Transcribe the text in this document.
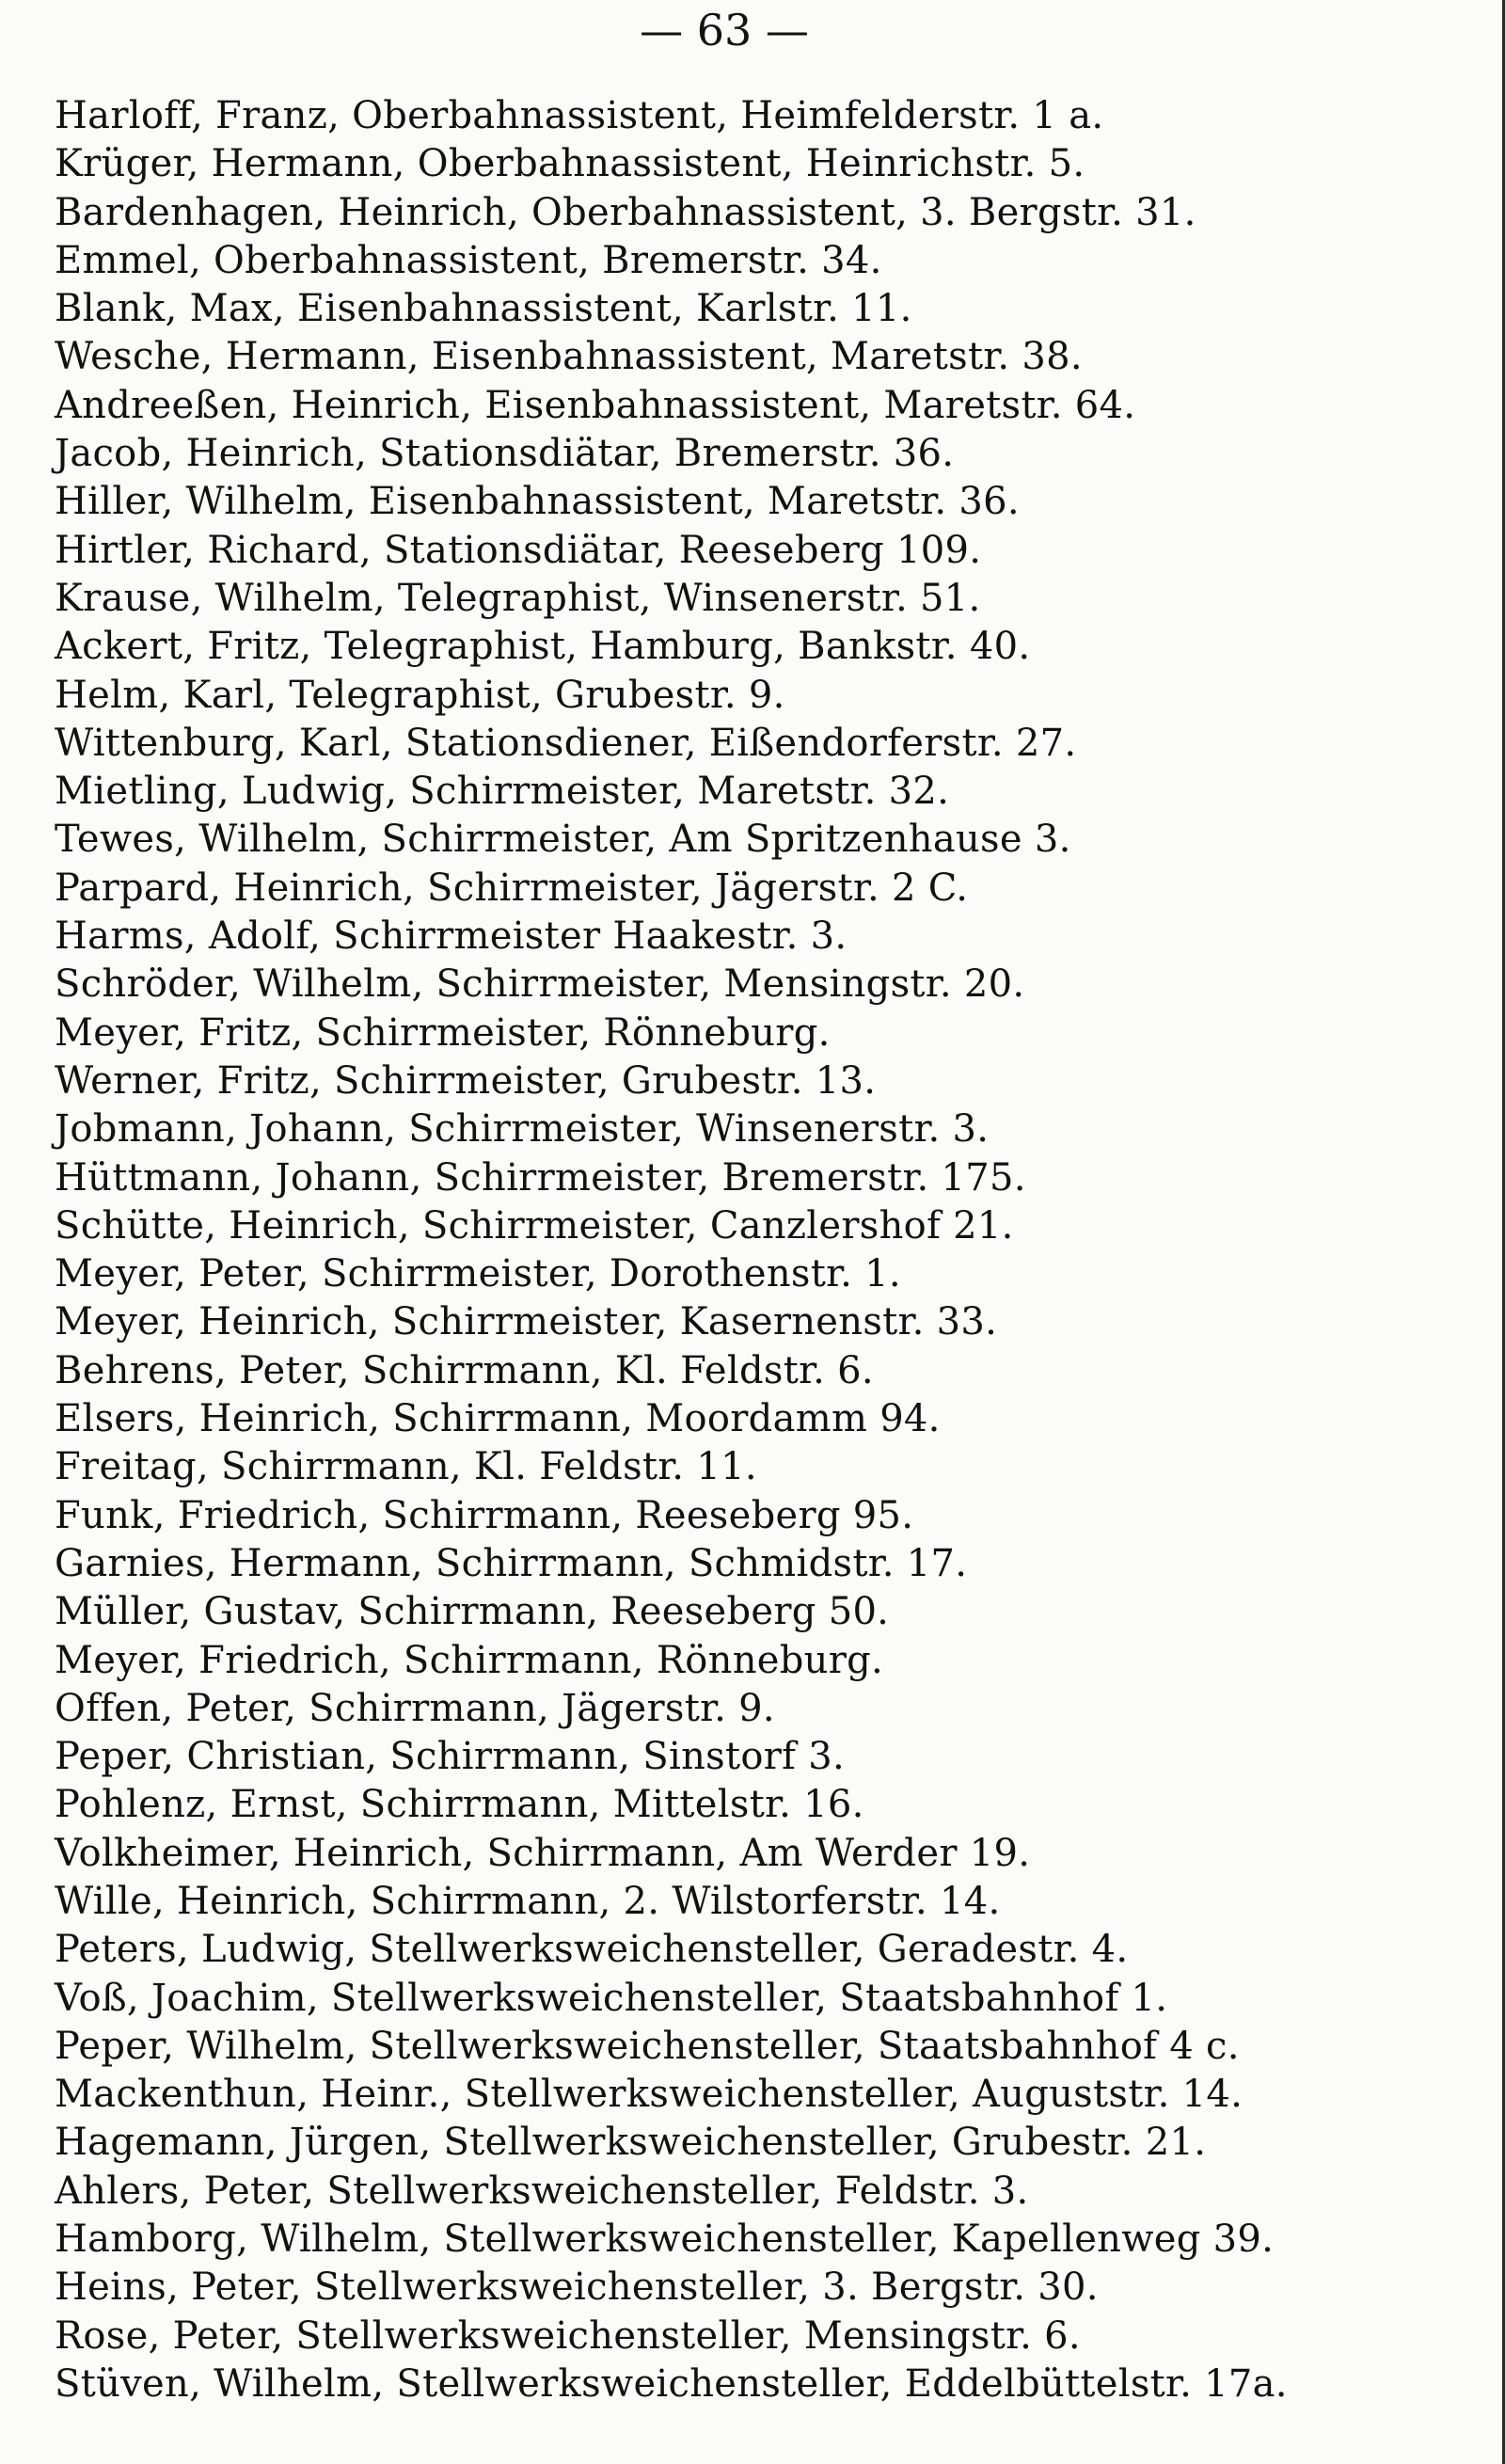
— 63 —
Harloff, Franz, Oberbahnassistent, Heimfelderstr. 1 a.
Krüger, Hermann, Oberbahnassistent, Heinrichstr. 5.
Bardenhagen, Heinrich, Oberbahnassistent, 3. Bergstr. 31.
Emmel, Oberbahnassistent, Bremerstr. 34.
Blank, Max, Eisenbahnassistent, Karlstr. 11.
Wesche, Hermann, Eisenbahnassistent, Maretstr. 38.
Andreeßen, Heinrich, Eisenbahnassistent, Maretstr. 64.
Jacob, Heinrich, Stationsdiätar, Bremerstr. 36.
Hiller, Wilhelm, Eisenbahnassistent, Maretstr. 36.
Hirtler, Richard, Stationsdiätar, Reeseberg 109.
Krause, Wilhelm, Telegraphist, Winsenerstr. 51.
Ackert, Fritz, Telegraphist, Hamburg, Bankstr. 40.
Helm, Karl, Telegraphist, Grubestr. 9.
Wittenburg, Karl, Stationsdiener, Eißendorferstr. 27.
Mietling, Ludwig, Schirrmeister, Maretstr. 32.
Tewes, Wilhelm, Schirrmeister, Am Spritzenhause 3.
Parpard, Heinrich, Schirrmeister, Jägerstr. 2 C.
Harms, Adolf, Schirrmeister Haakestr. 3.
Schröder, Wilhelm, Schirrmeister, Mensingstr. 20.
Meyer, Fritz, Schirrmeister, Rönneburg.
Werner, Fritz, Schirrmeister, Grubestr. 13.
Jobmann, Johann, Schirrmeister, Winsenerstr. 3.
Hüttmann, Johann, Schirrmeister, Bremerstr. 175.
Schütte, Heinrich, Schirrmeister, Canzlershof 21.
Meyer, Peter, Schirrmeister, Dorothenstr. 1.
Meyer, Heinrich, Schirrmeister, Kasernenstr. 33.
Behrens, Peter, Schirrmann, Kl. Feldstr. 6.
Elsers, Heinrich, Schirrmann, Moordamm 94.
Freitag, Schirrmann, Kl. Feldstr. 11.
Funk, Friedrich, Schirrmann, Reeseberg 95.
Garnies, Hermann, Schirrmann, Schmidstr. 17.
Müller, Gustav, Schirrmann, Reeseberg 50.
Meyer, Friedrich, Schirrmann, Rönneburg.
Offen, Peter, Schirrmann, Jägerstr. 9.
Peper, Christian, Schirrmann, Sinstorf 3.
Pohlenz, Ernst, Schirrmann, Mittelstr. 16.
Volkheimer, Heinrich, Schirrmann, Am Werder 19.
Wille, Heinrich, Schirrmann, 2. Wilstorferstr. 14.
Peters, Ludwig, Stellwerksweichensteller, Geradestr. 4.
Voß, Joachim, Stellwerksweichensteller, Staatsbahnhof 1.
Peper, Wilhelm, Stellwerksweichensteller, Staatsbahnhof 4 c.
Mackenthun, Heinr., Stellwerksweichensteller, Auguststr. 14.
Hagemann, Jürgen, Stellwerksweichensteller, Grubestr. 21.
Ahlers, Peter, Stellwerksweichensteller, Feldstr. 3.
Hamborg, Wilhelm, Stellwerksweichensteller, Kapellenweg 39.
Heins, Peter, Stellwerksweichensteller, 3. Bergstr. 30.
Rose, Peter, Stellwerksweichensteller, Mensingstr. 6.
Stüven, Wilhelm, Stellwerksweichensteller, Eddelbüttelstr. 17a.
